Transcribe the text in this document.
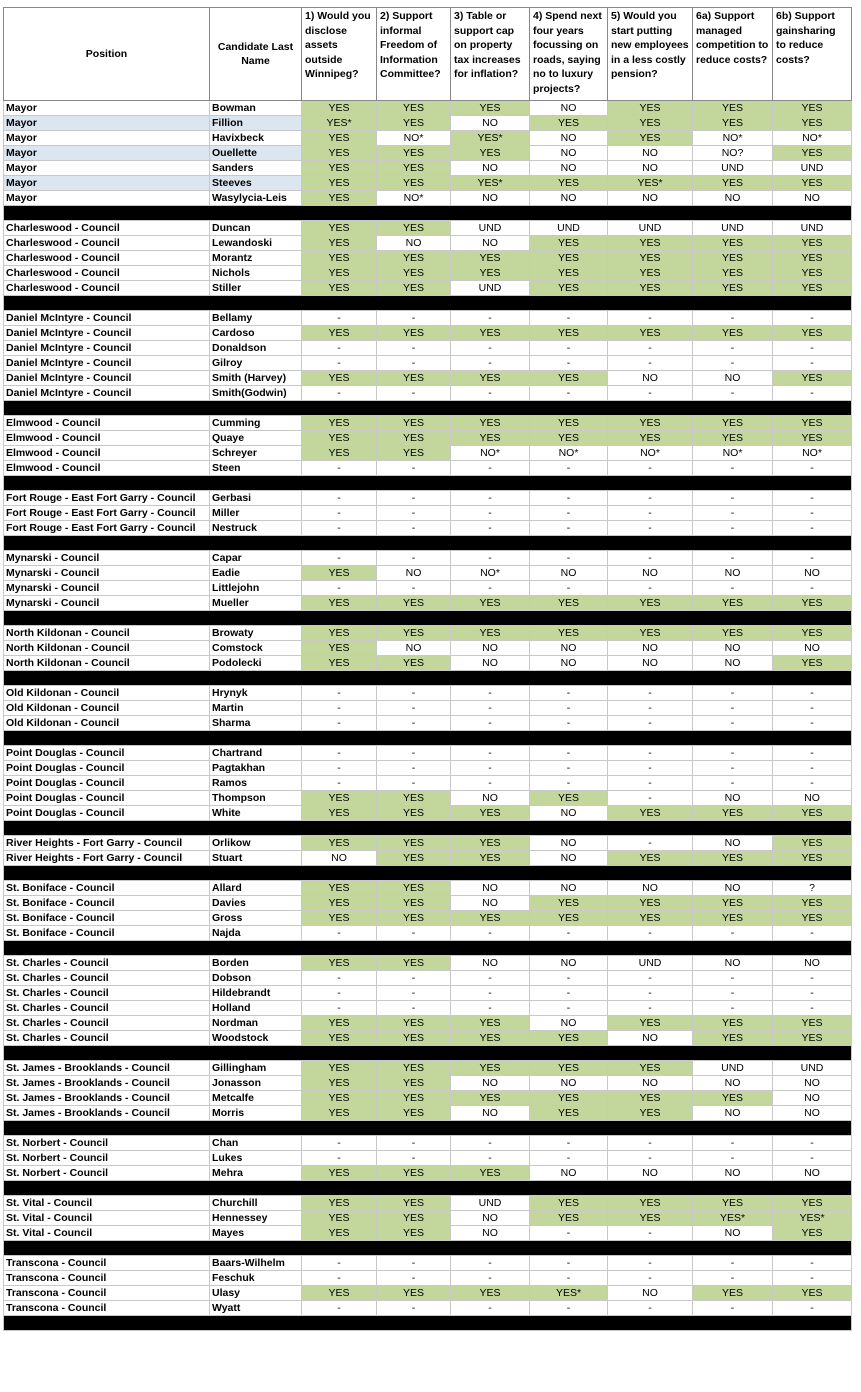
Position	Candidate Last Name	1) Would you disclose assets outside Winnipeg?	2) Support informal Freedom of Information Committee?	3) Table or support cap on property tax increases for inflation?	4) Spend next four years focussing on roads, saying no to luxury projects?	5) Would you start putting new employees in a less costly pension?	6a) Support managed competition to reduce costs?	6b) Support gainsharing to reduce costs?
Mayor	Bowman	YES	YES	YES	NO	YES	YES	YES
Mayor	Fillion	YES*	YES	NO	YES	YES	YES	YES
Mayor	Havixbeck	YES	NO*	YES*	NO	YES	NO*	NO*
Mayor	Ouellette	YES	YES	YES	NO	NO	NO?	YES
Mayor	Sanders	YES	YES	NO	NO	NO	UND	UND
Mayor	Steeves	YES	YES	YES*	YES	YES*	YES	YES
Mayor	Wasylycia-Leis	YES	NO*	NO	NO	NO	NO	NO

Charleswood - Council	Duncan	YES	YES	UND	UND	UND	UND	UND
Charleswood - Council	Lewandoski	YES	NO	NO	YES	YES	YES	YES
Charleswood - Council	Morantz	YES	YES	YES	YES	YES	YES	YES
Charleswood - Council	Nichols	YES	YES	YES	YES	YES	YES	YES
Charleswood - Council	Stiller	YES	YES	UND	YES	YES	YES	YES

Daniel McIntyre - Council	Bellamy	-	-	-	-	-	-	-
Daniel McIntyre - Council	Cardoso	YES	YES	YES	YES	YES	YES	YES
Daniel McIntyre - Council	Donaldson	-	-	-	-	-	-	-
Daniel McIntyre - Council	Gilroy	-	-	-	-	-	-	-
Daniel McIntyre - Council	Smith (Harvey)	YES	YES	YES	YES	NO	NO	YES
Daniel McIntyre - Council	Smith(Godwin)	-	-	-	-	-	-	-

Elmwood - Council	Cumming	YES	YES	YES	YES	YES	YES	YES
Elmwood - Council	Quaye	YES	YES	YES	YES	YES	YES	YES
Elmwood - Council	Schreyer	YES	YES	NO*	NO*	NO*	NO*	NO*
Elmwood - Council	Steen	-	-	-	-	-	-	-

Fort Rouge - East Fort Garry - Council	Gerbasi	-	-	-	-	-	-	-
Fort Rouge - East Fort Garry - Council	Miller	-	-	-	-	-	-	-
Fort Rouge - East Fort Garry - Council	Nestruck	-	-	-	-	-	-	-

Mynarski - Council	Capar	-	-	-	-	-	-	-
Mynarski - Council	Eadie	YES	NO	NO*	NO	NO	NO	NO
Mynarski - Council	Littlejohn	-	-	-	-	-	-	-
Mynarski - Council	Mueller	YES	YES	YES	YES	YES	YES	YES

North Kildonan - Council	Browaty	YES	YES	YES	YES	YES	YES	YES
North Kildonan - Council	Comstock	YES	NO	NO	NO	NO	NO	NO
North Kildonan - Council	Podolecki	YES	YES	NO	NO	NO	NO	YES

Old Kildonan - Council	Hrynyk	-	-	-	-	-	-	-
Old Kildonan - Council	Martin	-	-	-	-	-	-	-
Old Kildonan - Council	Sharma	-	-	-	-	-	-	-

Point Douglas - Council	Chartrand	-	-	-	-	-	-	-
Point Douglas - Council	Pagtakhan	-	-	-	-	-	-	-
Point Douglas - Council	Ramos	-	-	-	-	-	-	-
Point Douglas - Council	Thompson	YES	YES	NO	YES	-	NO	NO
Point Douglas - Council	White	YES	YES	YES	NO	YES	YES	YES

River Heights - Fort Garry - Council	Orlikow	YES	YES	YES	NO	-	NO	YES
River Heights - Fort Garry - Council	Stuart	NO	YES	YES	NO	YES	YES	YES

St. Boniface - Council	Allard	YES	YES	NO	NO	NO	NO	?
St. Boniface - Council	Davies	YES	YES	NO	YES	YES	YES	YES
St. Boniface - Council	Gross	YES	YES	YES	YES	YES	YES	YES
St. Boniface - Council	Najda	-	-	-	-	-	-	-

St. Charles - Council	Borden	YES	YES	NO	NO	UND	NO	NO
St. Charles - Council	Dobson	-	-	-	-	-	-	-
St. Charles - Council	Hildebrandt	-	-	-	-	-	-	-
St. Charles - Council	Holland	-	-	-	-	-	-	-
St. Charles - Council	Nordman	YES	YES	YES	NO	YES	YES	YES
St. Charles - Council	Woodstock	YES	YES	YES	YES	NO	YES	YES

St. James - Brooklands - Council	Gillingham	YES	YES	YES	YES	YES	UND	UND
St. James - Brooklands - Council	Jonasson	YES	YES	NO	NO	NO	NO	NO
St. James - Brooklands - Council	Metcalfe	YES	YES	YES	YES	YES	YES	NO
St. James - Brooklands - Council	Morris	YES	YES	NO	YES	YES	NO	NO

St. Norbert - Council	Chan	-	-	-	-	-	-	-
St. Norbert - Council	Lukes	-	-	-	-	-	-	-
St. Norbert - Council	Mehra	YES	YES	YES	NO	NO	NO	NO

St. Vital - Council	Churchill	YES	YES	UND	YES	YES	YES	YES
St. Vital - Council	Hennessey	YES	YES	NO	YES	YES	YES*	YES*
St. Vital - Council	Mayes	YES	YES	NO	-	-	NO	YES

Transcona - Council	Baars-Wilhelm	-	-	-	-	-	-	-
Transcona - Council	Feschuk	-	-	-	-	-	-	-
Transcona - Council	Ulasy	YES	YES	YES	YES*	NO	YES	YES
Transcona - Council	Wyatt	-	-	-	-	-	-	-
